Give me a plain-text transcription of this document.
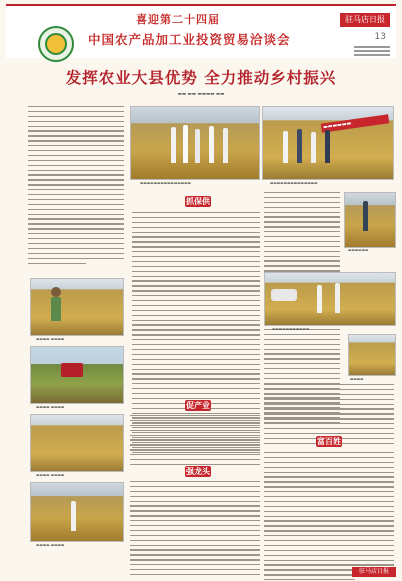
喜迎第二十四届
中国农产品加工业投资贸易洽谈会
驻马店日报
13
发挥农业大县优势 全力推动乡村振兴
▬▬ ▬▬ ▬▬▬▬ ▬▬
▬▬▬▬▬▬▬▬▬▬▬▬▬▬▬
▬▬▬▬▬▬
▬▬▬▬▬▬▬▬▬▬▬▬▬▬
抓保供
▬▬▬▬▬▬
▬▬▬▬▬▬▬▬▬▬▬
▬▬▬▬
▬▬▬▬ ▬▬▬▬
▬▬▬▬ ▬▬▬▬
▬▬▬▬ ▬▬▬▬
▬▬▬▬ ▬▬▬▬
促产业
强龙头
富百姓
驻马店日报
